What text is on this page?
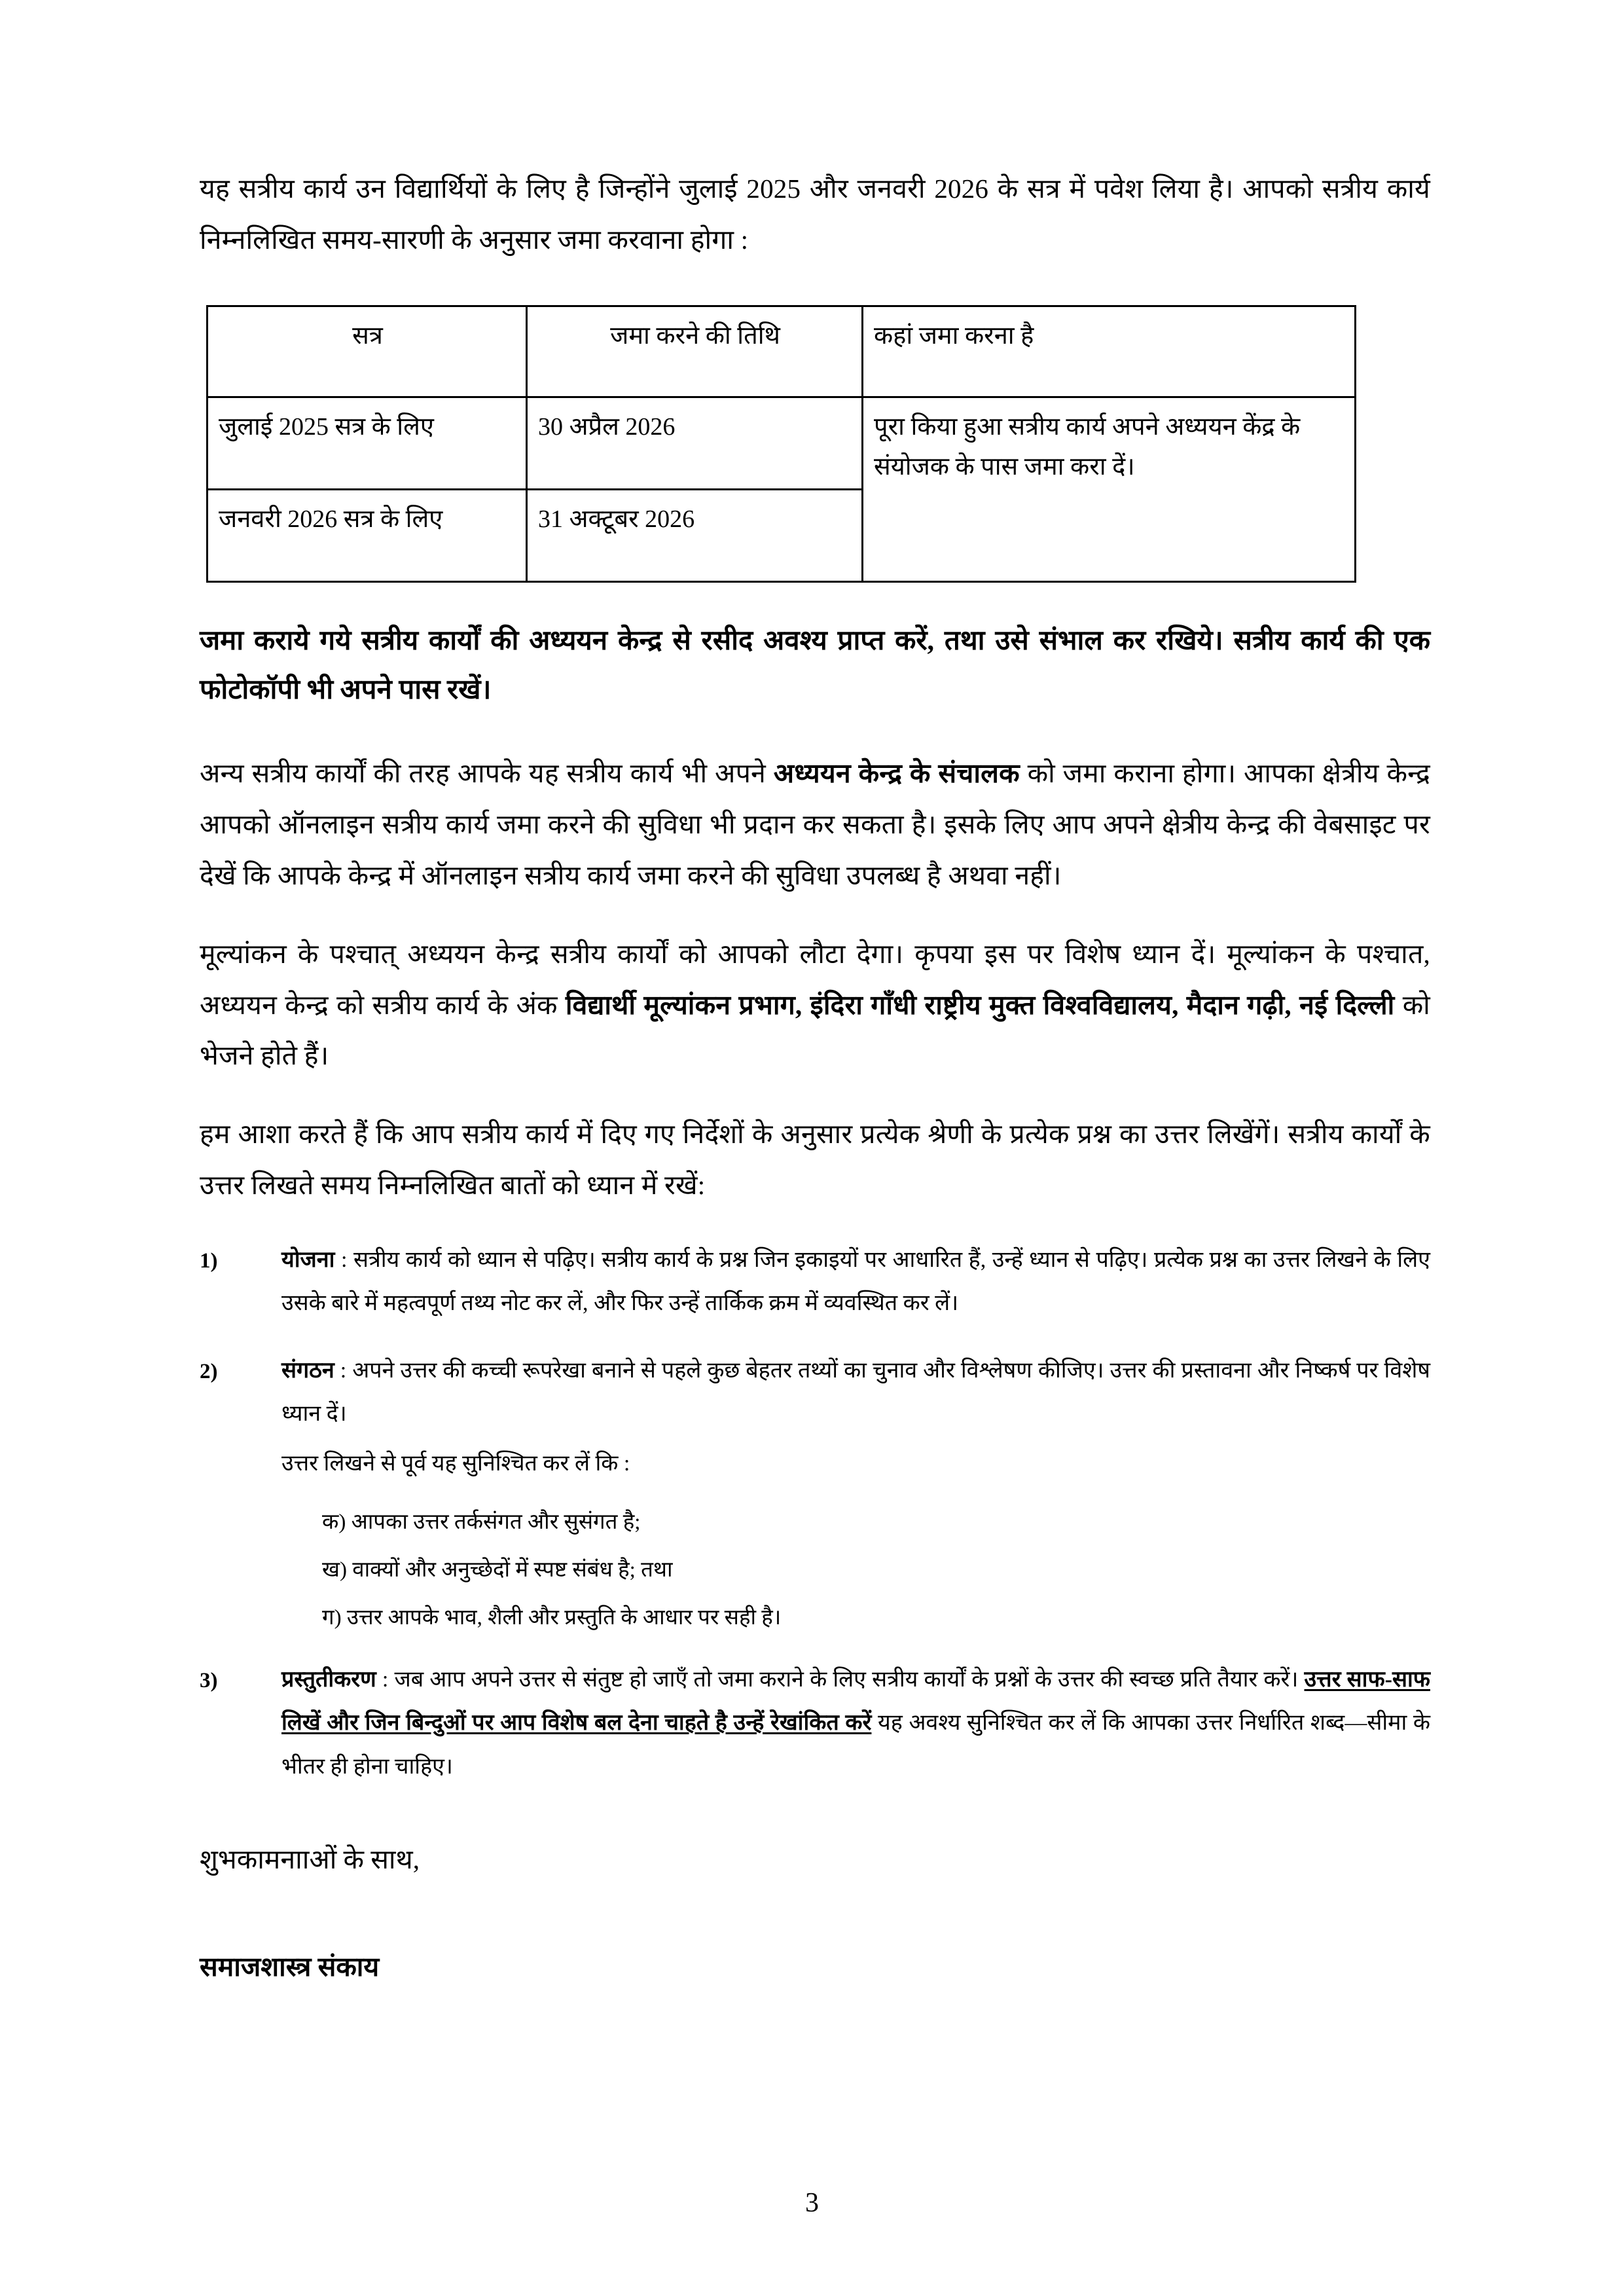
यह सत्रीय कार्य उन विद्यार्थियों के लिए है जिन्होंने जुलाई 2025 और जनवरी 2026 के सत्र में पवेश लिया है। आपको सत्रीय कार्य निम्नलिखित समय-सारणी के अनुसार जमा करवाना होगा :

सत्र	जमा करने की तिथि	कहां जमा करना है
जुलाई 2025 सत्र के लिए	30 अप्रैल 2026	पूरा किया हुआ सत्रीय कार्य अपने अध्ययन केंद्र के संयोजक के पास जमा करा दें।
जनवरी 2026 सत्र के लिए	31 अक्टूबर 2026	

जमा कराये गये सत्रीय कार्यों की अध्ययन केन्द्र से रसीद अवश्य प्राप्त करें, तथा उसे संभाल कर रखिये। सत्रीय कार्य की एक फोटोकॉपी भी अपने पास रखें।

अन्य सत्रीय कार्यों की तरह आपके यह सत्रीय कार्य भी अपने अध्ययन केन्द्र के संचालक को जमा कराना होगा। आपका क्षेत्रीय केन्द्र आपको ऑनलाइन सत्रीय कार्य जमा करने की सुविधा भी प्रदान कर सकता है। इसके लिए आप अपने क्षेत्रीय केन्द्र की वेबसाइट पर देखें कि आपके केन्द्र में ऑनलाइन सत्रीय कार्य जमा करने की सुविधा उपलब्ध है अथवा नहीं।

मूल्यांकन के पश्चात् अध्ययन केन्द्र सत्रीय कार्यों को आपको लौटा देगा। कृपया इस पर विशेष ध्यान दें। मूल्यांकन के पश्चात, अध्ययन केन्द्र को सत्रीय कार्य के अंक विद्यार्थी मूल्यांकन प्रभाग, इंदिरा गाँधी राष्ट्रीय मुक्त विश्वविद्यालय, मैदान गढ़ी, नई दिल्ली को भेजने होते हैं।

हम आशा करते हैं कि आप सत्रीय कार्य में दिए गए निर्देशों के अनुसार प्रत्येक श्रेणी के प्रत्येक प्रश्न का उत्तर लिखेंगें। सत्रीय कार्यों के उत्तर लिखते समय निम्नलिखित बातों को ध्यान में रखें:

1)	योजना : सत्रीय कार्य को ध्यान से पढ़िए। सत्रीय कार्य के प्रश्न जिन इकाइयों पर आधारित हैं, उन्हें ध्यान से पढ़िए। प्रत्येक प्रश्न का उत्तर लिखने के लिए उसके बारे में महत्वपूर्ण तथ्य नोट कर लें, और फिर उन्हें तार्किक क्रम में व्यवस्थित कर लें।

2)	संगठन : अपने उत्तर की कच्ची रूपरेखा बनाने से पहले कुछ बेहतर तथ्यों का चुनाव और विश्लेषण कीजिए। उत्तर की प्रस्तावना और निष्कर्ष पर विशेष ध्यान दें।

उत्तर लिखने से पूर्व यह सुनिश्चित कर लें कि :

क) आपका उत्तर तर्कसंगत और सुसंगत है;
ख) वाक्यों और अनुच्छेदों में स्पष्ट संबंध है; तथा
ग) उत्तर आपके भाव, शैली और प्रस्तुति के आधार पर सही है।
3)	प्रस्तुतीकरण : जब आप अपने उत्तर से संतुष्ट हो जाएँ तो जमा कराने के लिए सत्रीय कार्यों के प्रश्नों के उत्तर की स्वच्छ प्रति तैयार करें। उत्तर साफ-साफ लिखें और जिन बिन्दुओं पर आप विशेष बल देना चाहते है उन्हें रेखांकित करें यह अवश्य सुनिश्चित कर लें कि आपका उत्तर निर्धारित शब्द—सीमा के भीतर ही होना चाहिए।

शुभकामनााओं के साथ,
समाजशास्त्र संकाय
3
